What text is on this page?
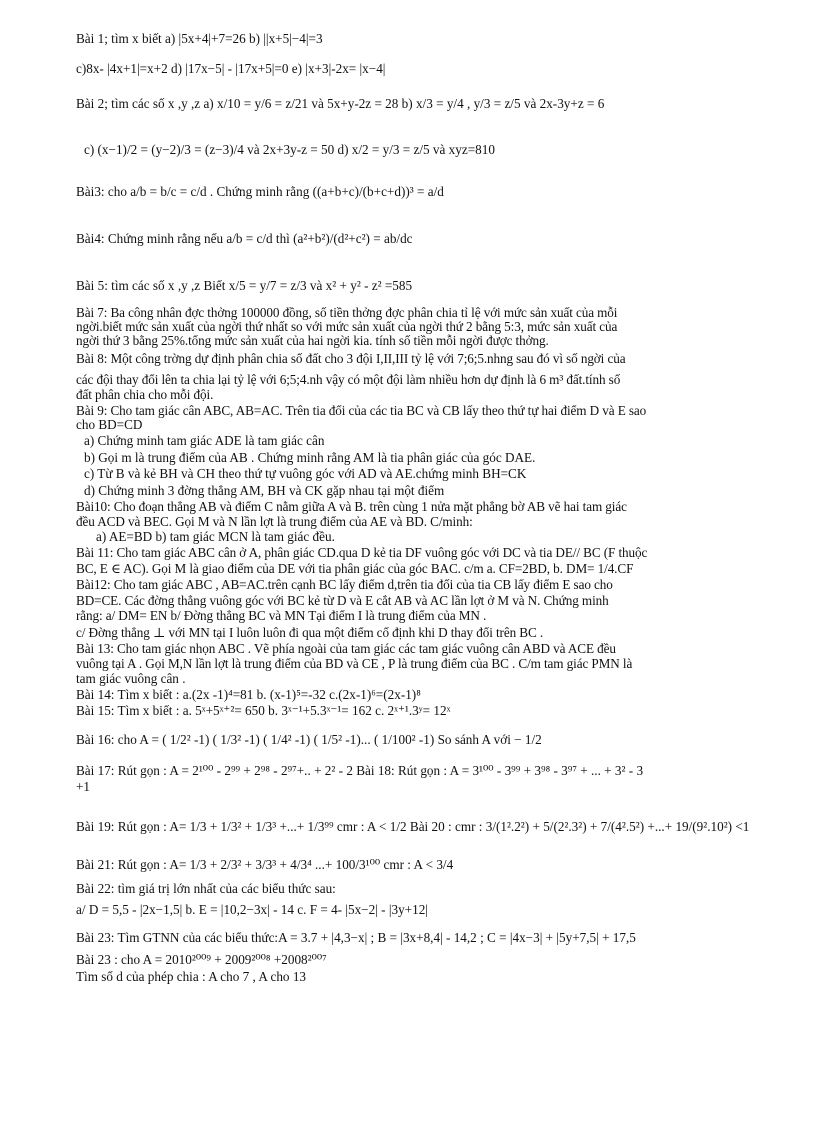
Bài 1; tìm x biết a) |5x+4|+7=26 b) ||x+5|−4|=3
c)8x- |4x+1|=x+2 d) |17x−5| - |17x+5|=0 e) |x+3|-2x= |x−4|
Bài 2; tìm các số x ,y ,z a) x/10 = y/6 = z/21 và 5x+y-2z = 28 b) x/3 = y/4 , y/3 = z/5 và 2x-3y+z = 6
c) (x−1)/2 = (y−2)/3 = (z−3)/4 và 2x+3y-z = 50 d) x/2 = y/3 = z/5 và xyz=810
Bài3: cho a/b = b/c = c/d . Chứng minh rằng ((a+b+c)/(b+c+d))³ = a/d
Bài4: Chứng minh rằng nếu a/b = c/d thì (a²+b²)/(d²+c²) = ab/dc
Bài 5: tìm các số x ,y ,z Biết x/5 = y/7 = z/3 và x² + y² - z² =585
Bài 7: Ba công nhân đợc thởng 100000 đồng, số tiền thởng đợc phân chia tỉ lệ với mức sản xuất của mỗi
ngời.biết mức sản xuất của ngời thứ nhất so với mức sản xuất của ngời thứ 2 bằng 5:3, mức sản xuất của
ngời thứ 3 bằng 25%.tổng mức sản xuất của hai ngời kia. tính số tiền mỗi ngời được thởng.
Bài 8: Một công trờng dự định phân chia số đất cho 3 đội I,II,III tỷ lệ với 7;6;5.nhng sau đó vì số ngời của
các đội thay đổi lên ta chia lại tỷ lệ với 6;5;4.nh vậy có một đội làm nhiều hơn dự định là 6 m³ đất.tính số
đất phân chia cho mỗi đội.
Bài 9: Cho tam giác cân ABC, AB=AC. Trên tia đối của các tia BC và CB lấy theo thứ tự hai điểm D và E sao
cho BD=CD
a) Chứng minh tam giác ADE là tam giác cân
b) Gọi m là trung điểm của AB . Chứng minh rằng AM là tia phân giác của góc DAE.
c) Từ B và kẻ BH và CH theo thứ tự vuông góc với AD và AE.chứng minh BH=CK
d) Chứng minh 3 đờng thẳng AM, BH và CK gặp nhau tại một điểm
Bài10: Cho đoạn thẳng AB và điểm C nằm giữa A và B. trên cùng 1 nửa mặt phẳng bờ AB vẽ hai tam giác
đều ACD và BEC. Gọi M và N lần lợt là trung điểm của AE và BD. C/minh:
a) AE=BD b) tam giác MCN là tam giác đều.
Bài 11: Cho tam giác ABC cân ở A, phân giác CD.qua D kẻ tia DF vuông góc với DC và tia DE// BC (F thuộc
BC, E ∈ AC). Gọi M là giao điểm của DE với tia phân giác của góc BAC. c/m a. CF=2BD, b. DM= 1/4.CF
Bài12: Cho tam giác ABC , AB=AC.trên cạnh BC lấy điểm d,trên tia đối của tia CB lấy điểm E sao cho
BD=CE. Các đờng thẳng vuông góc với BC kẻ từ D và E cắt AB và AC lần lợt ở M và N. Chứng minh
rằng: a/ DM= EN b/ Đờng thẳng BC và MN Tại điểm I là trung điểm của MN .
c/ Đờng thẳng ⊥ với MN tại I luôn luôn đi qua một điểm cố định khi D thay đổi trên BC .
Bài 13: Cho tam giác nhọn ABC . Vẽ phía ngoài của tam giác các tam giác vuông cân ABD và ACE đều
vuông tại A . Gọi M,N lần lợt là trung điểm của BD và CE , P là trung điểm của BC . C/m tam giác PMN là
tam giác vuông cân .
Bài 14: Tìm x biết : a.(2x -1)⁴=81 b. (x-1)⁵=-32 c.(2x-1)⁶=(2x-1)⁸
Bài 15: Tìm x biết : a. 5ˣ+5ˣ⁺²= 650 b. 3ˣ⁻¹+5.3ˣ⁻¹= 162 c. 2ˣ⁺¹.3ʸ= 12ˣ
Bài 16: cho A = ( 1/2² -1) ( 1/3² -1) ( 1/4² -1) ( 1/5² -1)... ( 1/100² -1) So sánh A với − 1/2
Bài 17: Rút gọn : A = 2¹⁰⁰ - 2⁹⁹ + 2⁹⁸ - 2⁹⁷+.. + 2² - 2 Bài 18: Rút gọn : A = 3¹⁰⁰ - 3⁹⁹ + 3⁹⁸ - 3⁹⁷ + ... + 3² - 3
+1
Bài 19: Rút gọn : A= 1/3 + 1/3² + 1/3³ +...+ 1/3⁹⁹ cmr : A < 1/2 Bài 20 : cmr : 3/(1².2²) + 5/(2².3²) + 7/(4².5²) +...+ 19/(9².10²) <1
Bài 21: Rút gọn : A= 1/3 + 2/3² + 3/3³ + 4/3⁴ ...+ 100/3¹⁰⁰ cmr : A < 3/4
Bài 22: tìm giá trị lớn nhất của các biểu thức sau:
a/ D = 5,5 - |2x−1,5| b. E = |10,2−3x| - 14 c. F = 4- |5x−2| - |3y+12|
Bài 23: Tìm GTNN của các biểu thức:A = 3.7 + |4,3−x| ; B = |3x+8,4| - 14,2 ; C = |4x−3| + |5y+7,5| + 17,5
Bài 23 : cho A = 2010²⁰⁰⁹ + 2009²⁰⁰⁸ +2008²⁰⁰⁷
Tìm số d của phép chia : A cho 7 , A cho 13
